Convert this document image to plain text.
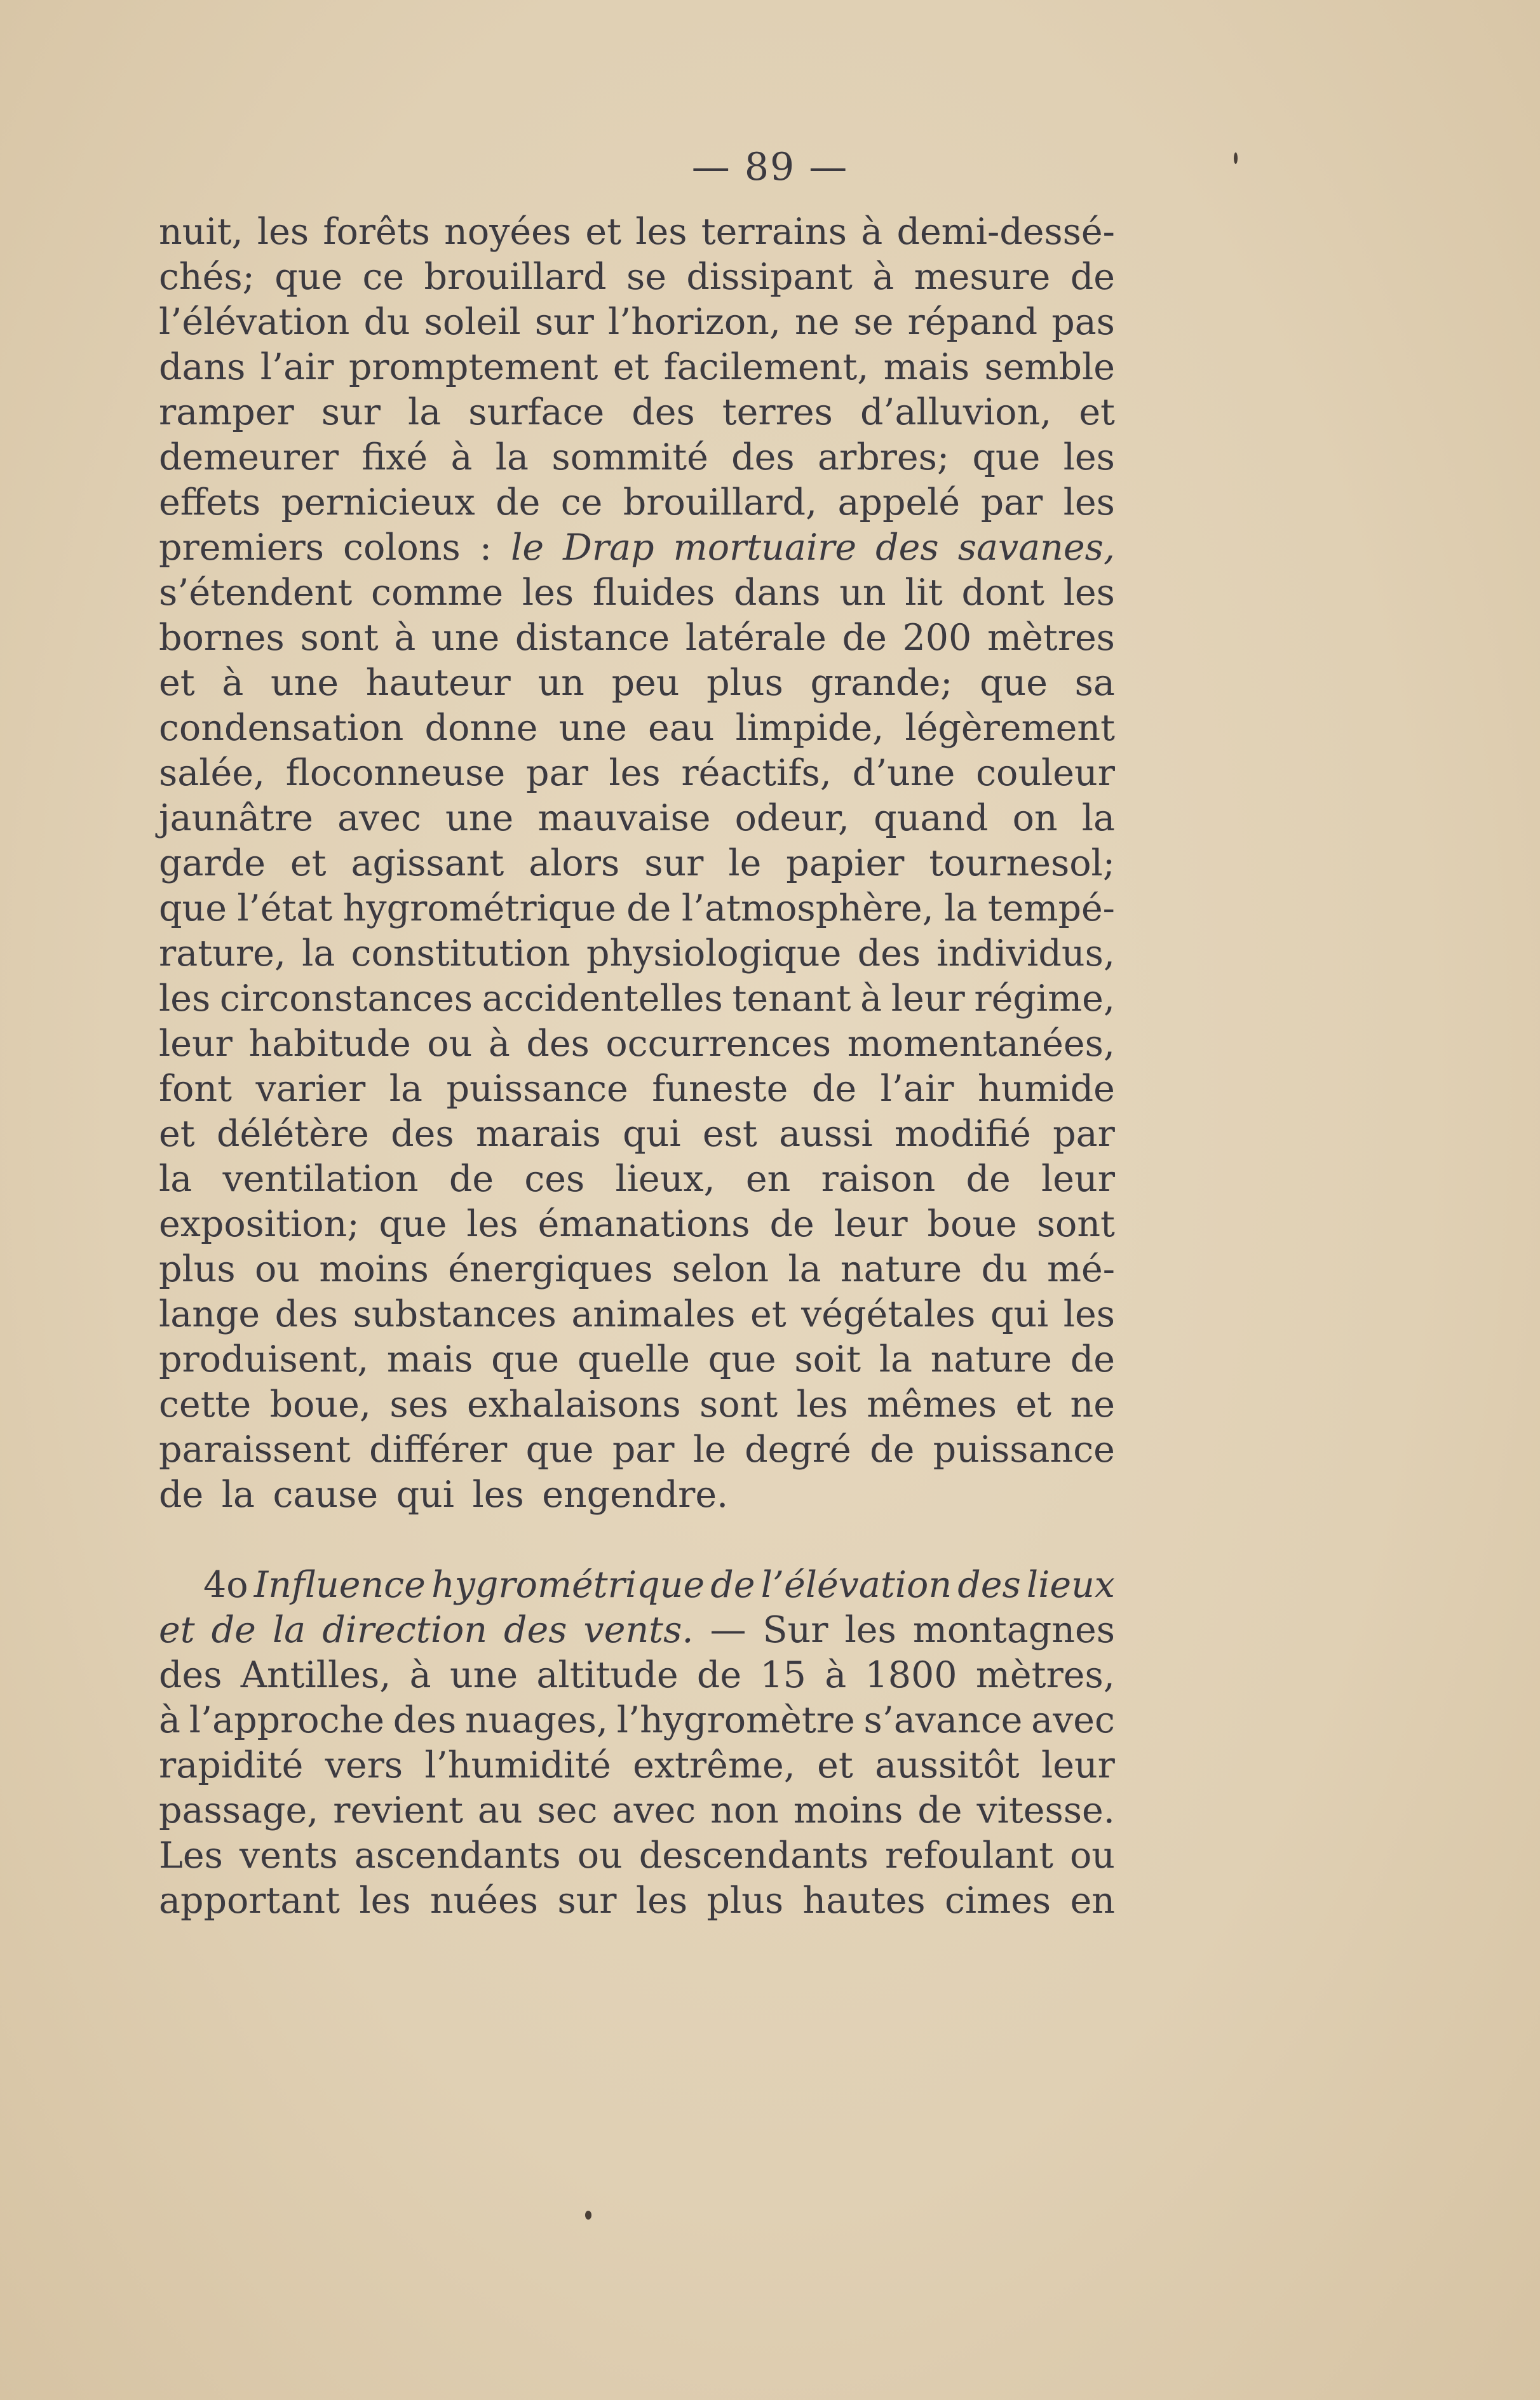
— 89 —
nuit, les forêts noyées et les terrains à demi-dessé-
chés; que ce brouillard se dissipant à mesure de
l’élévation du soleil sur l’horizon, ne se répand pas
dans l’air promptement et facilement, mais semble
ramper sur la surface des terres d’alluvion, et
demeurer fixé à la sommité des arbres; que les
effets pernicieux de ce brouillard, appelé par les
premiers colons : le Drap mortuaire des savanes,
s’étendent comme les fluides dans un lit dont les
bornes sont à une distance latérale de 200 mètres
et à une hauteur un peu plus grande; que sa
condensation donne une eau limpide, légèrement
salée, floconneuse par les réactifs, d’une couleur
jaunâtre avec une mauvaise odeur, quand on la
garde et agissant alors sur le papier tournesol;
que l’état hygrométrique de l’atmosphère, la tempé-
rature, la constitution physiologique des individus,
les circonstances accidentelles tenant à leur régime,
leur habitude ou à des occurrences momentanées,
font varier la puissance funeste de l’air humide
et délétère des marais qui est aussi modifié par
la ventilation de ces lieux, en raison de leur
exposition; que les émanations de leur boue sont
plus ou moins énergiques selon la nature du mé-
lange des substances animales et végétales qui les
produisent, mais que quelle que soit la nature de
cette boue, ses exhalaisons sont les mêmes et ne
paraissent différer que par le degré de puissance
de la cause qui les engendre.
4o Influence hygrométrique de l’élévation des lieux
et de la direction des vents. — Sur les montagnes
des Antilles, à une altitude de 15 à 1800 mètres,
à l’approche des nuages, l’hygromètre s’avance avec
rapidité vers l’humidité extrême, et aussitôt leur
passage, revient au sec avec non moins de vitesse.
Les vents ascendants ou descendants refoulant ou
apportant les nuées sur les plus hautes cimes en
